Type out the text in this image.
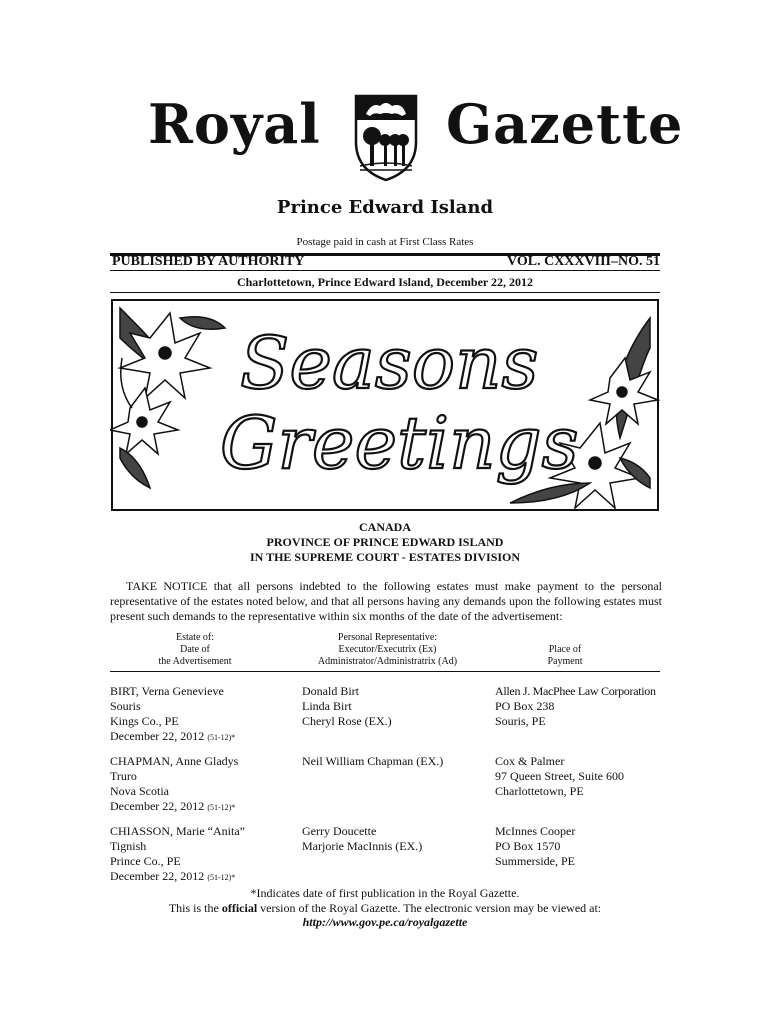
Royal Gazette
Prince Edward Island
Postage paid in cash at First Class Rates
PUBLISHED BY AUTHORITY	VOL. CXXXVIII–NO. 51
Charlottetown, Prince Edward Island, December 22, 2012
Seasons
Greetings
CANADA
PROVINCE OF PRINCE EDWARD ISLAND
IN THE SUPREME COURT - ESTATES DIVISION
TAKE NOTICE that all persons indebted to the following estates must make payment to the personal representative of the estates noted below, and that all persons having any demands upon the following estates must present such demands to the representative within six months of the date of the advertisement:
Estate of:
Date of
the Advertisement
Personal Representative:
Executor/Executrix (Ex)
Administrator/Administratrix (Ad)
Place of
Payment
BIRT, Verna Genevieve
Souris
Kings Co., PE
December 22, 2012 (51-12)*
Donald Birt
Linda Birt
Cheryl Rose (EX.)
Allen J. MacPhee Law Corporation
PO Box 238
Souris, PE
CHAPMAN, Anne Gladys
Truro
Nova Scotia
December 22, 2012 (51-12)*
Neil William Chapman (EX.)	Cox & Palmer
97 Queen Street, Suite 600
Charlottetown, PE
CHIASSON, Marie “Anita”
Tignish
Prince Co., PE
December 22, 2012 (51-12)*
Gerry Doucette
Marjorie MacInnis (EX.)
McInnes Cooper
PO Box 1570
Summerside, PE
*Indicates date of first publication in the Royal Gazette.
This is the official version of the Royal Gazette. The electronic version may be viewed at:
http://www.gov.pe.ca/royalgazette
